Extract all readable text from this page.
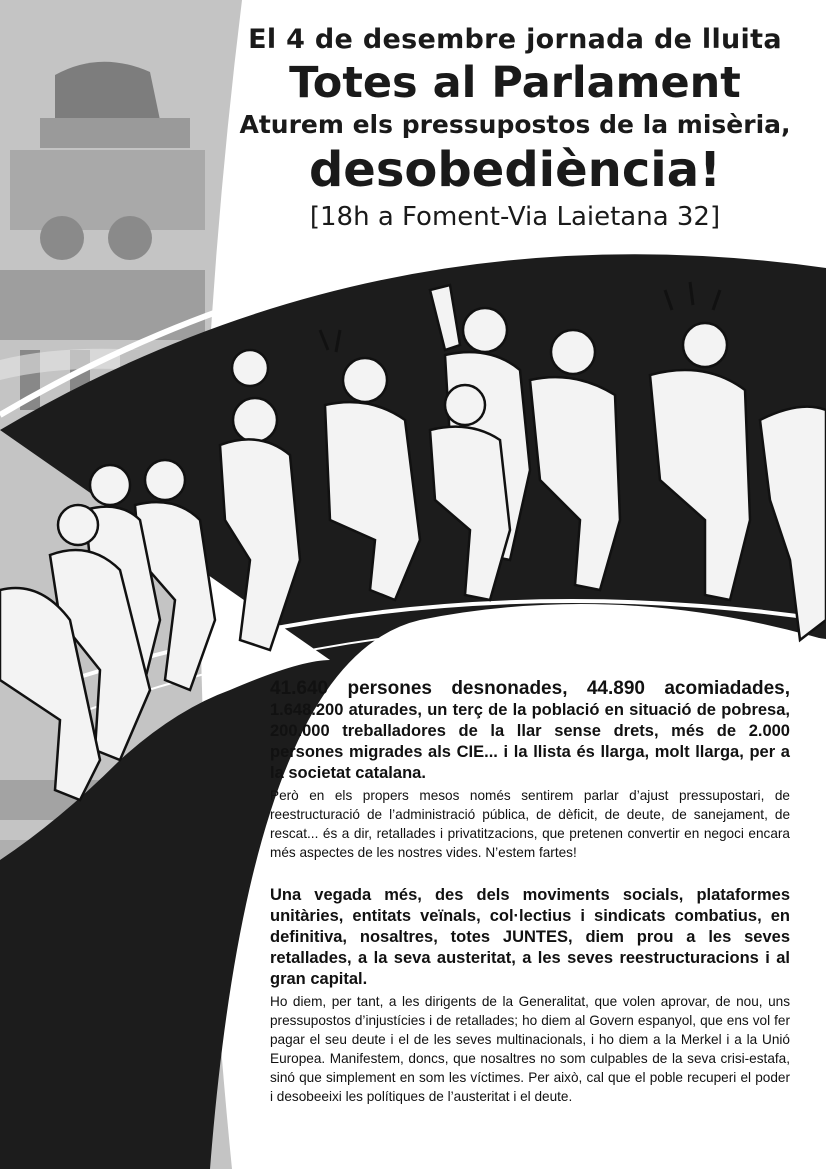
El 4 de desembre jornada de lluita
Totes al Parlament
Aturem els pressupostos de la misèria,
desobediència!
[18h a Foment-Via Laietana 32]

41.640 persones desnonades, 44.890 acomiadades, 1.648.200 aturades, un terç de la població en situació de pobresa, 200.000 treballadores de la llar sense drets, més de 2.000 persones migrades als CIE... i la llista és llarga, molt llarga, per a la societat catalana.

Però en els propers mesos només sentirem parlar d’ajust pressupostari, de reestructuració de l’administració pública, de dèficit, de deute, de sanejament, de rescat... és a dir, retallades i privatitzacions, que pretenen convertir en negoci encara més aspectes de les nostres vides. N’estem fartes!

Una vegada més, des dels moviments socials, plataformes unitàries, entitats veïnals, col·lectius i sindicats combatius, en definitiva, nosaltres, totes JUNTES, diem prou a les seves retallades, a la seva austeritat, a les seves reestructuracions i al gran capital.

Ho diem, per tant, a les dirigents de la Generalitat, que volen aprovar, de nou, uns pressupostos d’injustícies i de retallades; ho diem al Govern espanyol, que ens vol fer pagar el seu deute i el de les seves multinacionals, i ho diem a la Merkel i a la Unió Europea. Manifestem, doncs, que nosaltres no som culpables de la seva crisi-estafa, sinó que simplement en som les víctimes. Per això, cal que el poble recuperi el poder i desobeeixi les polítiques de l’austeritat i el deute.
